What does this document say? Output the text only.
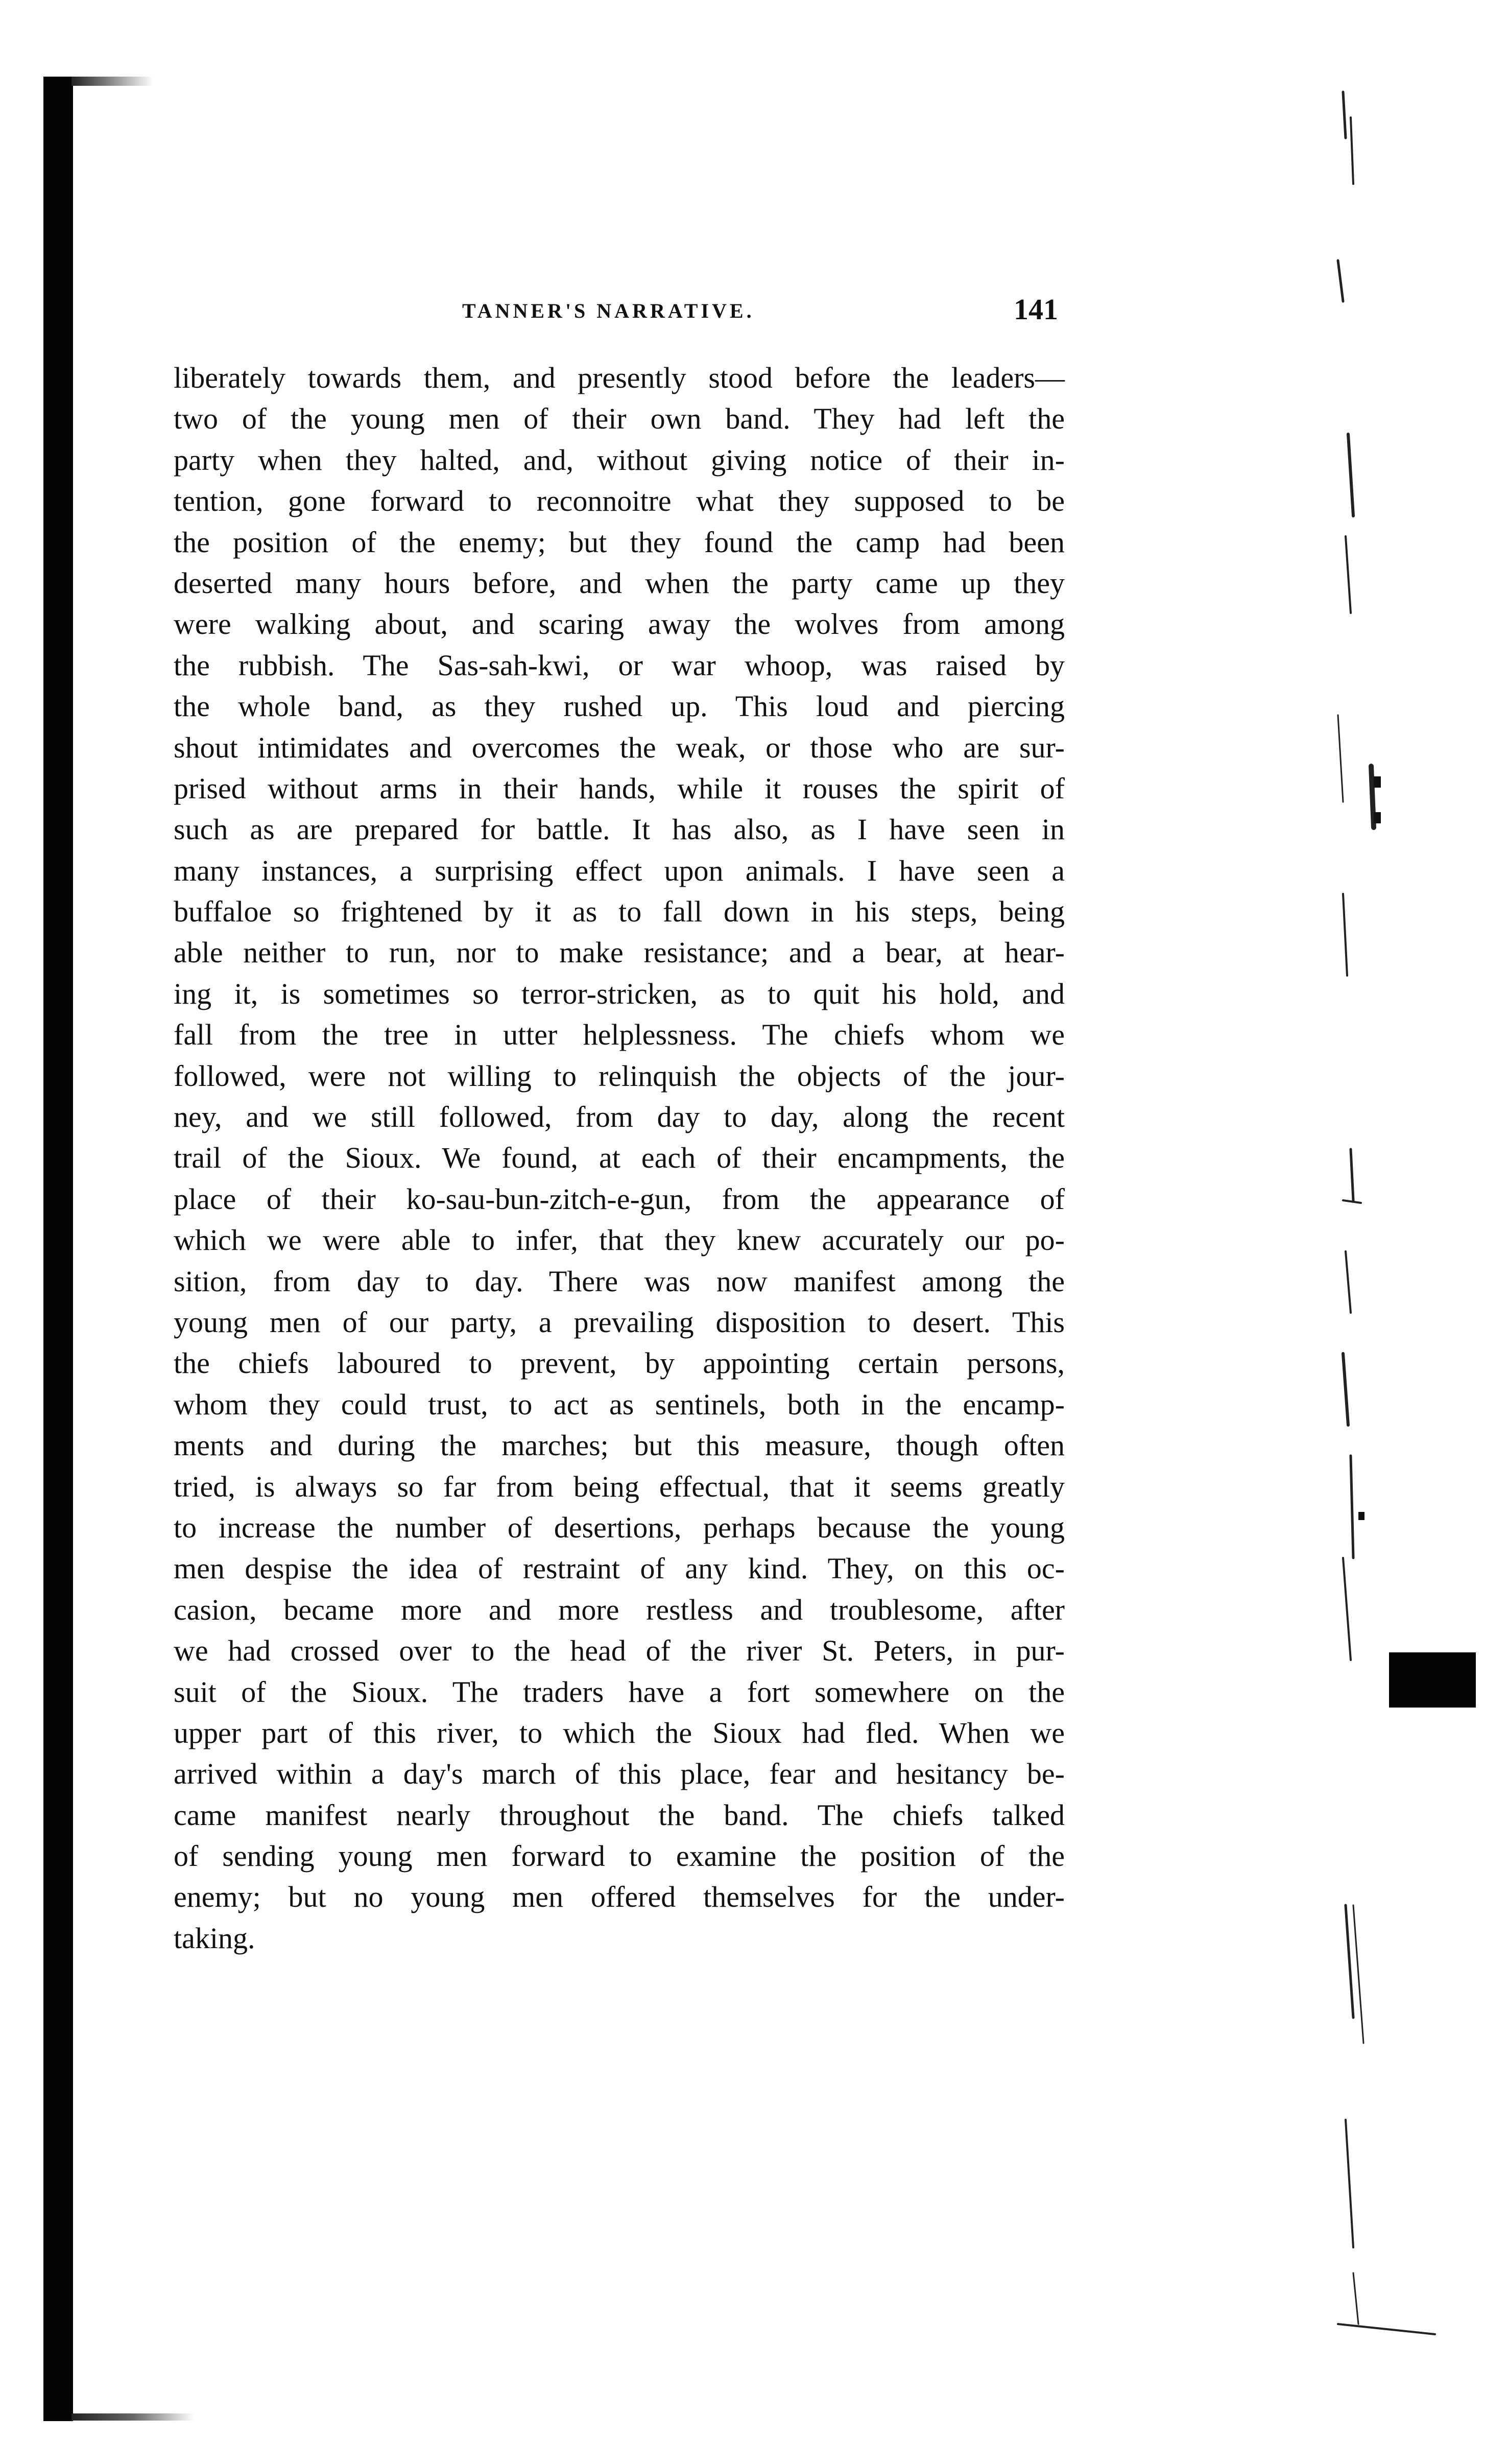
TANNER'S NARRATIVE.	141
liberately towards them, and presently stood before the leaders—
two of the young men of their own band. They had left the
party when they halted, and, without giving notice of their in-
tention, gone forward to reconnoitre what they supposed to be
the position of the enemy; but they found the camp had been
deserted many hours before, and when the party came up they
were walking about, and scaring away the wolves from among
the rubbish. The Sas-sah-kwi, or war whoop, was raised by
the whole band, as they rushed up. This loud and piercing
shout intimidates and overcomes the weak, or those who are sur-
prised without arms in their hands, while it rouses the spirit of
such as are prepared for battle. It has also, as I have seen in
many instances, a surprising effect upon animals. I have seen a
buffaloe so frightened by it as to fall down in his steps, being
able neither to run, nor to make resistance; and a bear, at hear-
ing it, is sometimes so terror-stricken, as to quit his hold, and
fall from the tree in utter helplessness. The chiefs whom we
followed, were not willing to relinquish the objects of the jour-
ney, and we still followed, from day to day, along the recent
trail of the Sioux. We found, at each of their encampments, the
place of their ko-sau-bun-zitch-e-gun, from the appearance of
which we were able to infer, that they knew accurately our po-
sition, from day to day. There was now manifest among the
young men of our party, a prevailing disposition to desert. This
the chiefs laboured to prevent, by appointing certain persons,
whom they could trust, to act as sentinels, both in the encamp-
ments and during the marches; but this measure, though often
tried, is always so far from being effectual, that it seems greatly
to increase the number of desertions, perhaps because the young
men despise the idea of restraint of any kind. They, on this oc-
casion, became more and more restless and troublesome, after
we had crossed over to the head of the river St. Peters, in pur-
suit of the Sioux. The traders have a fort somewhere on the
upper part of this river, to which the Sioux had fled. When we
arrived within a day's march of this place, fear and hesitancy be-
came manifest nearly throughout the band. The chiefs talked
of sending young men forward to examine the position of the
enemy; but no young men offered themselves for the under-
taking.
